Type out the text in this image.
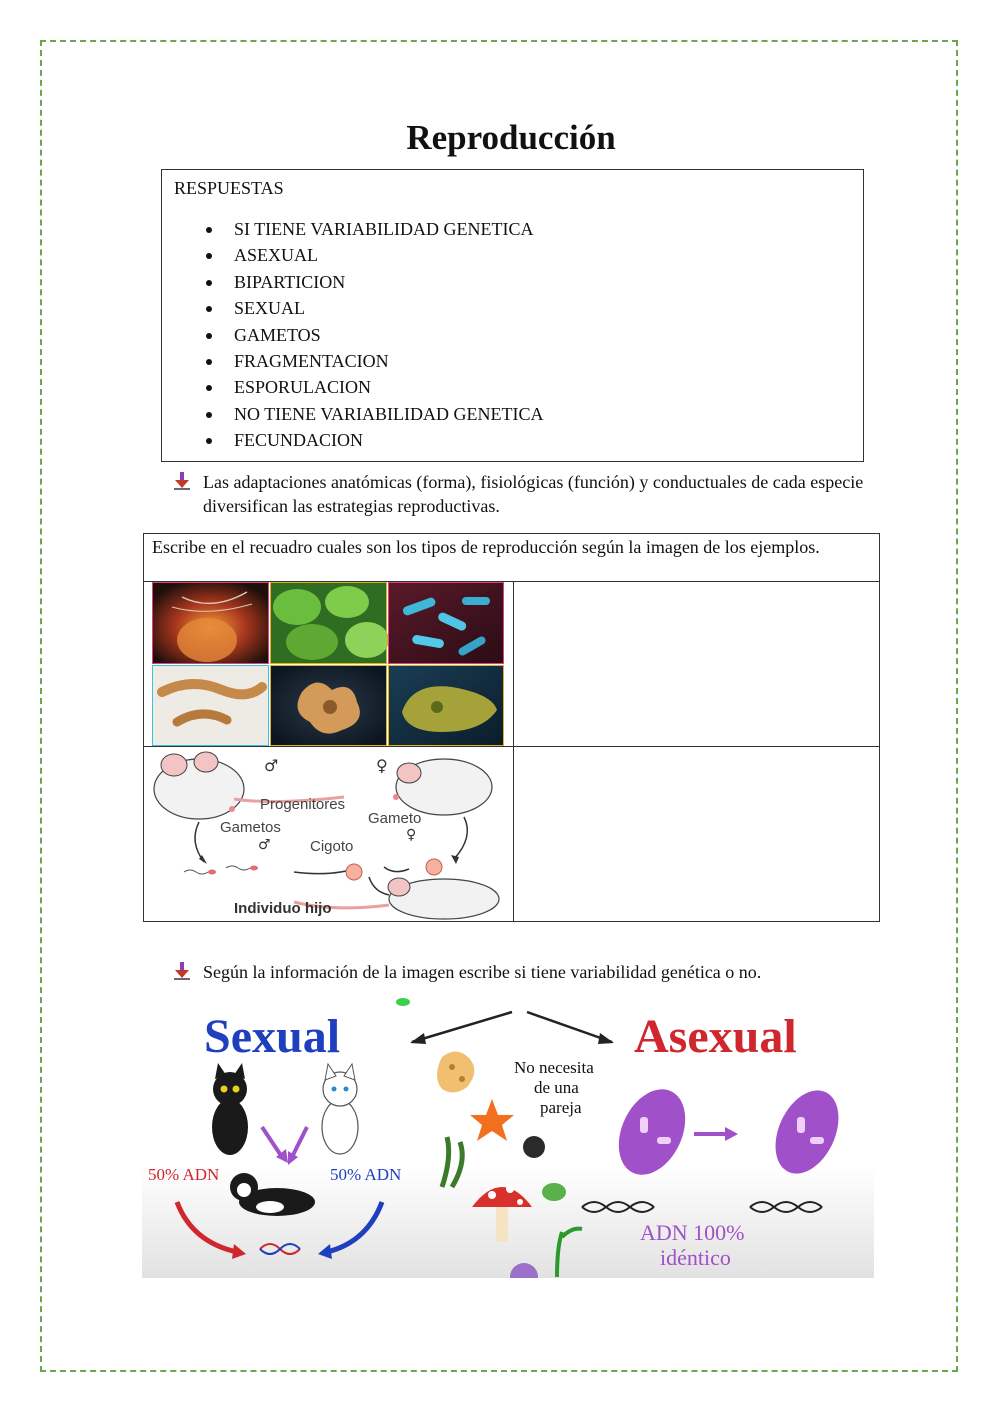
Reproducción
RESPUESTAS
SI TIENE VARIABILIDAD GENETICA
ASEXUAL
BIPARTICION
SEXUAL
GAMETOS
FRAGMENTACION
ESPORULACION
NO TIENE VARIABILIDAD GENETICA
FECUNDACION
Las adaptaciones anatómicas (forma), fisiológicas (función) y conductuales de cada especie diversifican las estrategias reproductivas.
Escribe en el recuadro cuales son los tipos de reproducción según la imagen de los ejemplos.
♂	♀
Progenitores
Gameto
Gametos
♂
♀
Cigoto
Individuo hijo
Según la información de la imagen escribe si tiene variabilidad genética o no.
Sexual	Asexual
50% ADN	50% ADN
No necesita
de una
pareja
ADN 100%
idéntico
